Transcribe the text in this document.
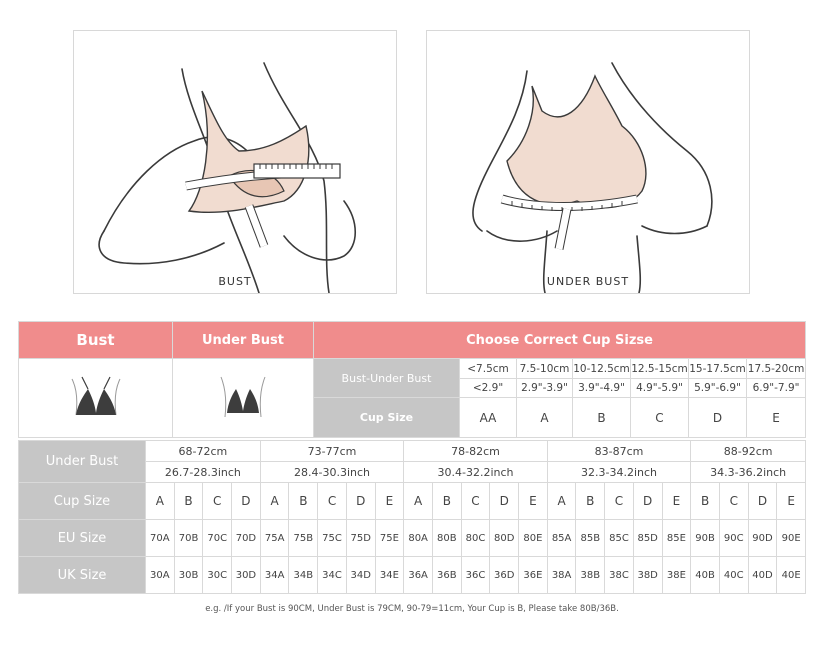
BUST	UNDER BUST
Bust	Under Bust	Choose Correct Cup Sizse						
		Bust-Under Bust	<7.5cm	7.5-10cm	10-12.5cm	12.5-15cm	15-17.5cm	17.5-20cm
			<2.9"	2.9"-3.9"	3.9"-4.9"	4.9"-5.9"	5.9"-6.9"	6.9"-7.9"
		Cup Size	AA	A	B	C	D	E
Under Bust	68-72cm				73-77cm					78-82cm					83-87cm					88-92cm			
	26.7-28.3inch				28.4-30.3inch					30.4-32.2inch					32.3-34.2inch					34.3-36.2inch			
Cup Size	A	B	C	D	A	B	C	D	E	A	B	C	D	E	A	B	C	D	E	B	C	D	E
EU Size	70A	70B	70C	70D	75A	75B	75C	75D	75E	80A	80B	80C	80D	80E	85A	85B	85C	85D	85E	90B	90C	90D	90E
UK Size	30A	30B	30C	30D	34A	34B	34C	34D	34E	36A	36B	36C	36D	36E	38A	38B	38C	38D	38E	40B	40C	40D	40E
e.g. /If your Bust is 90CM, Under Bust is 79CM, 90-79=11cm, Your Cup is B, Please take 80B/36B.
